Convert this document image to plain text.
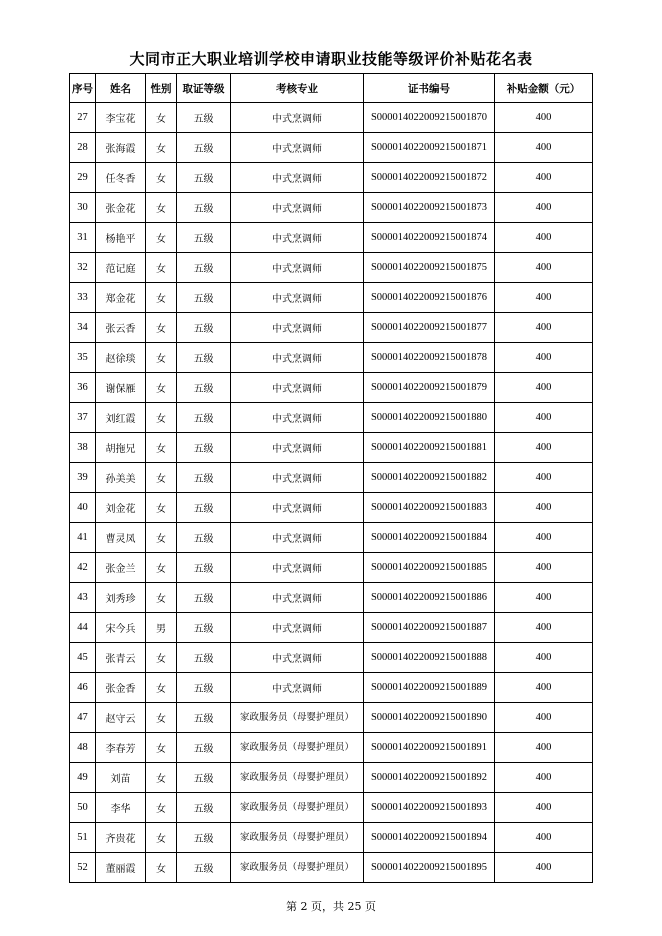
大同市正大职业培训学校申请职业技能等级评价补贴花名表
序号	姓名	性别	取证等级	考核专业	证书编号	补贴金额（元）
27	李宝花	女	五级	中式烹调师	S000014022009215001870	400
28	张海霞	女	五级	中式烹调师	S000014022009215001871	400
29	任冬香	女	五级	中式烹调师	S000014022009215001872	400
30	张金花	女	五级	中式烹调师	S000014022009215001873	400
31	杨艳平	女	五级	中式烹调师	S000014022009215001874	400
32	范记庭	女	五级	中式烹调师	S000014022009215001875	400
33	郑金花	女	五级	中式烹调师	S000014022009215001876	400
34	张云香	女	五级	中式烹调师	S000014022009215001877	400
35	赵徐琰	女	五级	中式烹调师	S000014022009215001878	400
36	谢保雁	女	五级	中式烹调师	S000014022009215001879	400
37	刘红霞	女	五级	中式烹调师	S000014022009215001880	400
38	胡拖兄	女	五级	中式烹调师	S000014022009215001881	400
39	孙美美	女	五级	中式烹调师	S000014022009215001882	400
40	刘金花	女	五级	中式烹调师	S000014022009215001883	400
41	曹灵凤	女	五级	中式烹调师	S000014022009215001884	400
42	张金兰	女	五级	中式烹调师	S000014022009215001885	400
43	刘秀珍	女	五级	中式烹调师	S000014022009215001886	400
44	宋今兵	男	五级	中式烹调师	S000014022009215001887	400
45	张青云	女	五级	中式烹调师	S000014022009215001888	400
46	张金香	女	五级	中式烹调师	S000014022009215001889	400
47	赵守云	女	五级	家政服务员（母婴护理员）	S000014022009215001890	400
48	李春芳	女	五级	家政服务员（母婴护理员）	S000014022009215001891	400
49	刘苗	女	五级	家政服务员（母婴护理员）	S000014022009215001892	400
50	李华	女	五级	家政服务员（母婴护理员）	S000014022009215001893	400
51	齐贵花	女	五级	家政服务员（母婴护理员）	S000014022009215001894	400
52	董丽霞	女	五级	家政服务员（母婴护理员）	S000014022009215001895	400
第 2 页，共 25 页
